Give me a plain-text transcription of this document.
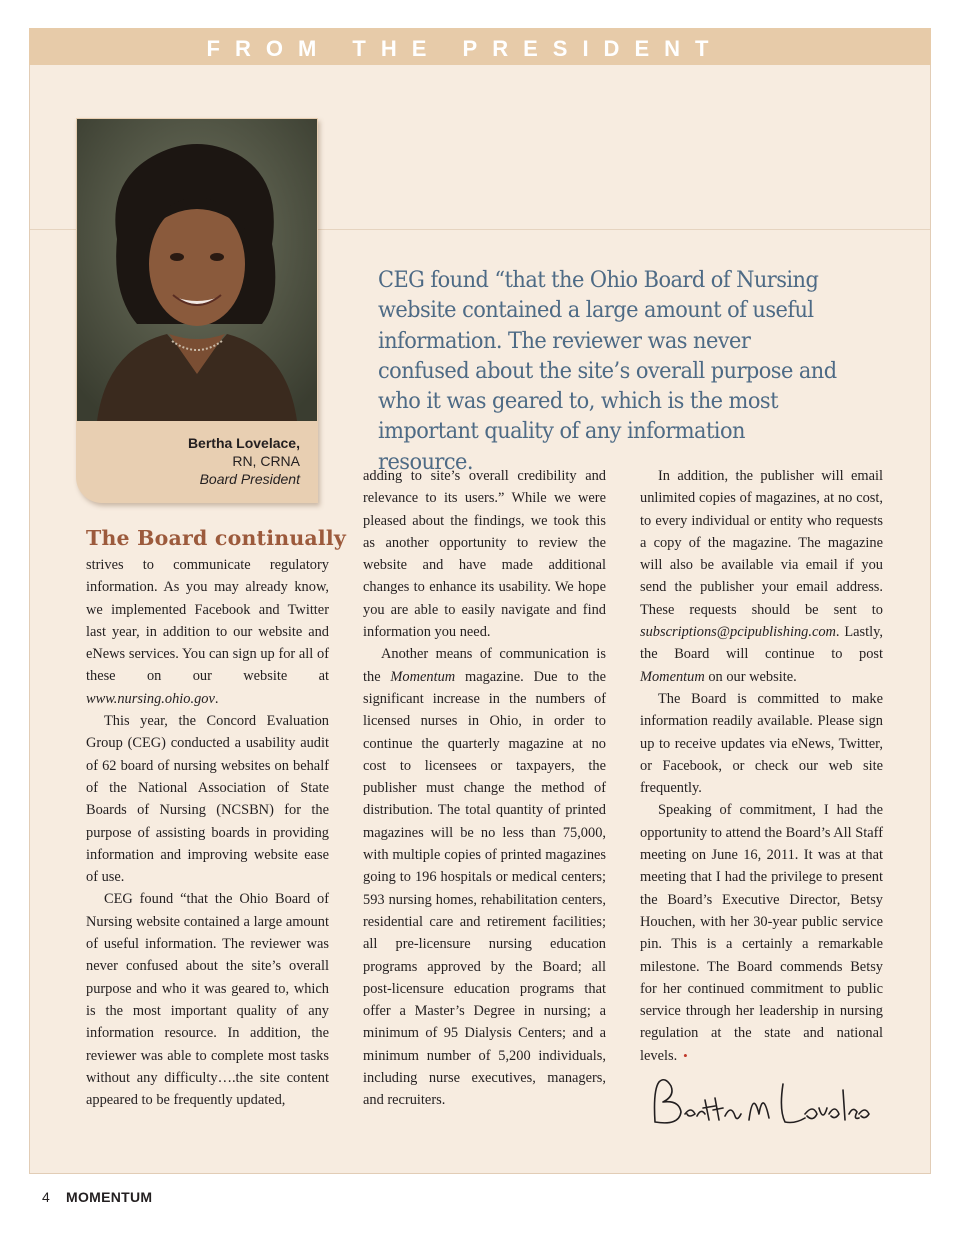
FROM THE PRESIDENT
Bertha Lovelace,
RN, CRNA
Board President
CEG found “that the Ohio Board of Nursing website contained a large amount of useful information. The reviewer was never confused about the site’s overall purpose and who it was geared to, which is the most important quality of any information resource.
The Board continually

strives to communicate regulatory information. As you may already know, we implemented Facebook and Twitter last year, in addition to our website and eNews services. You can sign up for all of these on our website at www.nursing.ohio.gov.

This year, the Concord Evaluation Group (CEG) conducted a usability audit of 62 board of nursing websites on behalf of the National Association of State Boards of Nursing (NCSBN) for the purpose of assisting boards in providing information and improving website ease of use.

CEG found “that the Ohio Board of Nursing website contained a large amount of useful information. The reviewer was never confused about the site’s overall purpose and who it was geared to, which is the most important quality of any information resource. In addition, the reviewer was able to complete most tasks without any difficulty….the site content appeared to be frequently updated,

adding to site’s overall credibility and relevance to its users.” While we were pleased about the findings, we took this as another opportunity to review the website and have made additional changes to enhance its usability. We hope you are able to easily navigate and find information you need.

Another means of communication is the Momentum magazine. Due to the significant increase in the numbers of licensed nurses in Ohio, in order to continue the quarterly magazine at no cost to licensees or taxpayers, the publisher must change the method of distribution. The total quantity of printed magazines will be no less than 75,000, with multiple copies of printed magazines going to 196 hospitals or medical centers; 593 nursing homes, rehabilitation centers, residential care and retirement facilities; all pre-licensure nursing education programs approved by the Board; all post-licensure education programs that offer a Master’s Degree in nursing; a minimum of 95 Dialysis Centers; and a minimum number of 5,200 individuals, including nurse executives, managers, and recruiters.

In addition, the publisher will email unlimited copies of magazines, at no cost, to every individual or entity who requests a copy of the magazine. The magazine will also be available via email if you send the publisher your email address. These requests should be sent to subscriptions@pcipublishing.com. Lastly, the Board will continue to post Momentum on our website.

The Board is committed to make information readily available. Please sign up to receive updates via eNews, Twitter, or Facebook, or check our web site frequently.

Speaking of commitment, I had the opportunity to attend the Board’s All Staff meeting on June 16, 2011. It was at that meeting that I had the privilege to present the Board’s Executive Director, Betsy Houchen, with her 30-year public service pin. This is a certainly a remarkable milestone. The Board commends Betsy for her continued commitment to public service through her leadership in nursing regulation at the state and national levels. •

4 MOMENTUM
